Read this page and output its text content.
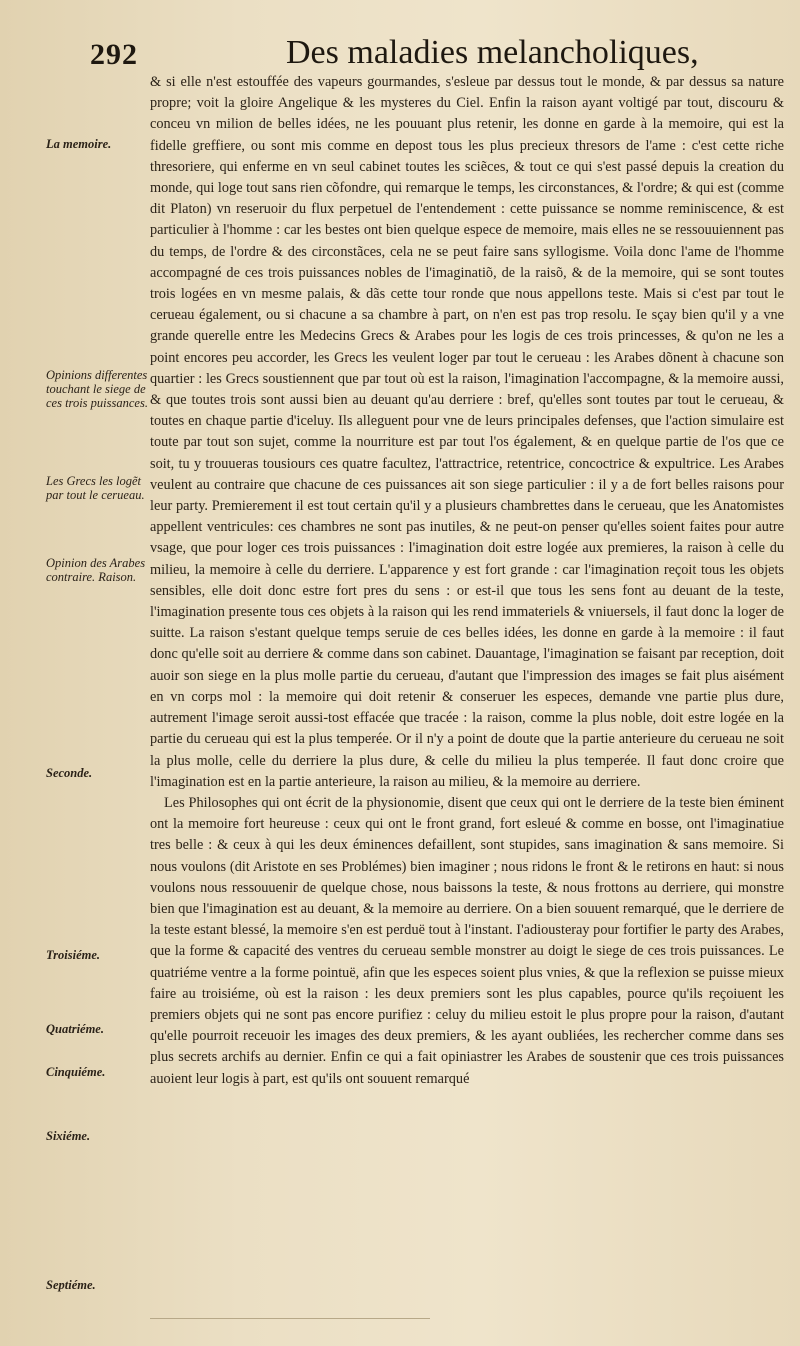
292	Des maladies melancholiques,
La memoire.
Opinions differentes touchant le siege de ces trois puissances.
Les Grecs les logẽt par tout le cerueau.
Opinion des Arabes contraire. Raison.
Seconde.
Troisiéme.
Quatriéme.
Cinquiéme.
Sixiéme.
Septiéme.

& si elle n'est estouffée des vapeurs gourmandes, s'esleue par dessus tout le monde, & par dessus sa nature propre; voit la gloire Angelique & les mysteres du Ciel. Enfin la raison ayant voltigé par tout, discouru & conceu vn milion de belles idées, ne les pouuant plus retenir, les donne en garde à la memoire, qui est la fidelle greffiere, ou sont mis comme en depost tous les plus precieux thresors de l'ame : c'est cette riche thresoriere, qui enferme en vn seul cabinet toutes les sciẽces, & tout ce qui s'est passé depuis la creation du monde, qui loge tout sans rien cõfondre, qui remarque le temps, les circonstances, & l'ordre; & qui est (comme dit Platon) vn reseruoir du flux perpetuel de l'entendement : cette puissance se nomme reminiscence, & est particulier à l'homme : car les bestes ont bien quelque espece de memoire, mais elles ne se ressouuiennent pas du temps, de l'ordre & des circonstãces, cela ne se peut faire sans syllogisme. Voila donc l'ame de l'homme accompagné de ces trois puissances nobles de l'imaginatiõ, de la raisõ, & de la memoire, qui se sont toutes trois logées en vn mesme palais, & dãs cette tour ronde que nous appellons teste. Mais si c'est par tout le cerueau également, ou si chacune a sa chambre à part, on n'en est pas trop resolu. Ie sçay bien qu'il y a vne grande querelle entre les Medecins Grecs & Arabes pour les logis de ces trois princesses, & qu'on ne les a point encores peu accorder, les Grecs les veulent loger par tout le cerueau : les Arabes dõnent à chacune son quartier : les Grecs soustiennent que par tout où est la raison, l'imagination l'accompagne, & la memoire aussi, & que toutes trois sont aussi bien au deuant qu'au derriere : bref, qu'elles sont toutes par tout le cerueau, & toutes en chaque partie d'iceluy. Ils alleguent pour vne de leurs principales defenses, que l'action simulaire est toute par tout son sujet, comme la nourriture est par tout l'os également, & en quelque partie de l'os que ce soit, tu y trouueras tousiours ces quatre facultez, l'attractrice, retentrice, concoctrice & expultrice. Les Arabes veulent au contraire que chacune de ces puissances ait son siege particulier : il y a de fort belles raisons pour leur party. Premierement il est tout certain qu'il y a plusieurs chambrettes dans le cerueau, que les Anatomistes appellent ventricules: ces chambres ne sont pas inutiles, & ne peut-on penser qu'elles soient faites pour autre vsage, que pour loger ces trois puissances : l'imagination doit estre logée aux premieres, la raison à celle du milieu, la memoire à celle du derriere. L'apparence y est fort grande : car l'imagination reçoit tous les objets sensibles, elle doit donc estre fort pres du sens : or est-il que tous les sens font au deuant de la teste, l'imagination presente tous ces objets à la raison qui les rend immateriels & vniuersels, il faut donc la loger de suitte. La raison s'estant quelque temps seruie de ces belles idées, les donne en garde à la memoire : il faut donc qu'elle soit au derriere & comme dans son cabinet. Dauantage, l'imagination se faisant par reception, doit auoir son siege en la plus molle partie du cerueau, d'autant que l'impression des images se fait plus aisément en vn corps mol : la memoire qui doit retenir & conseruer les especes, demande vne partie plus dure, autrement l'image seroit aussi-tost effacée que tracée : la raison, comme la plus noble, doit estre logée en la partie du cerueau qui est la plus temperée. Or il n'y a point de doute que la partie anterieure du cerueau ne soit la plus molle, celle du derriere la plus dure, & celle du milieu la plus temperée. Il faut donc croire que l'imagination est en la partie anterieure, la raison au milieu, & la memoire au derriere.

Les Philosophes qui ont écrit de la physionomie, disent que ceux qui ont le derriere de la teste bien éminent ont la memoire fort heureuse : ceux qui ont le front grand, fort esleué & comme en bosse, ont l'imaginatiue tres belle : & ceux à qui les deux éminences defaillent, sont stupides, sans imagination & sans memoire. Si nous voulons (dit Aristote en ses Problémes) bien imaginer ; nous ridons le front & le retirons en haut: si nous voulons nous ressouuenir de quelque chose, nous baissons la teste, & nous frottons au derriere, qui monstre bien que l'imagination est au deuant, & la memoire au derriere. On a bien souuent remarqué, que le derriere de la teste estant blessé, la memoire s'en est perduë tout à l'instant. I'adiousteray pour fortifier le party des Arabes, que la forme & capacité des ventres du cerueau semble monstrer au doigt le siege de ces trois puissances. Le quatriéme ventre a la forme pointuë, afin que les especes soient plus vnies, & que la reflexion se puisse mieux faire au troisiéme, où est la raison : les deux premiers sont les plus capables, pource qu'ils reçoiuent les premiers objets qui ne sont pas encore purifiez : celuy du milieu estoit le plus propre pour la raison, d'autant qu'elle pourroit receuoir les images des deux premiers, & les ayant oubliées, les rechercher comme dans ses plus secrets archifs au dernier. Enfin ce qui a fait opiniastrer les Arabes de soustenir que ces trois puissances auoient leur logis à part, est qu'ils ont souuent remarqué
